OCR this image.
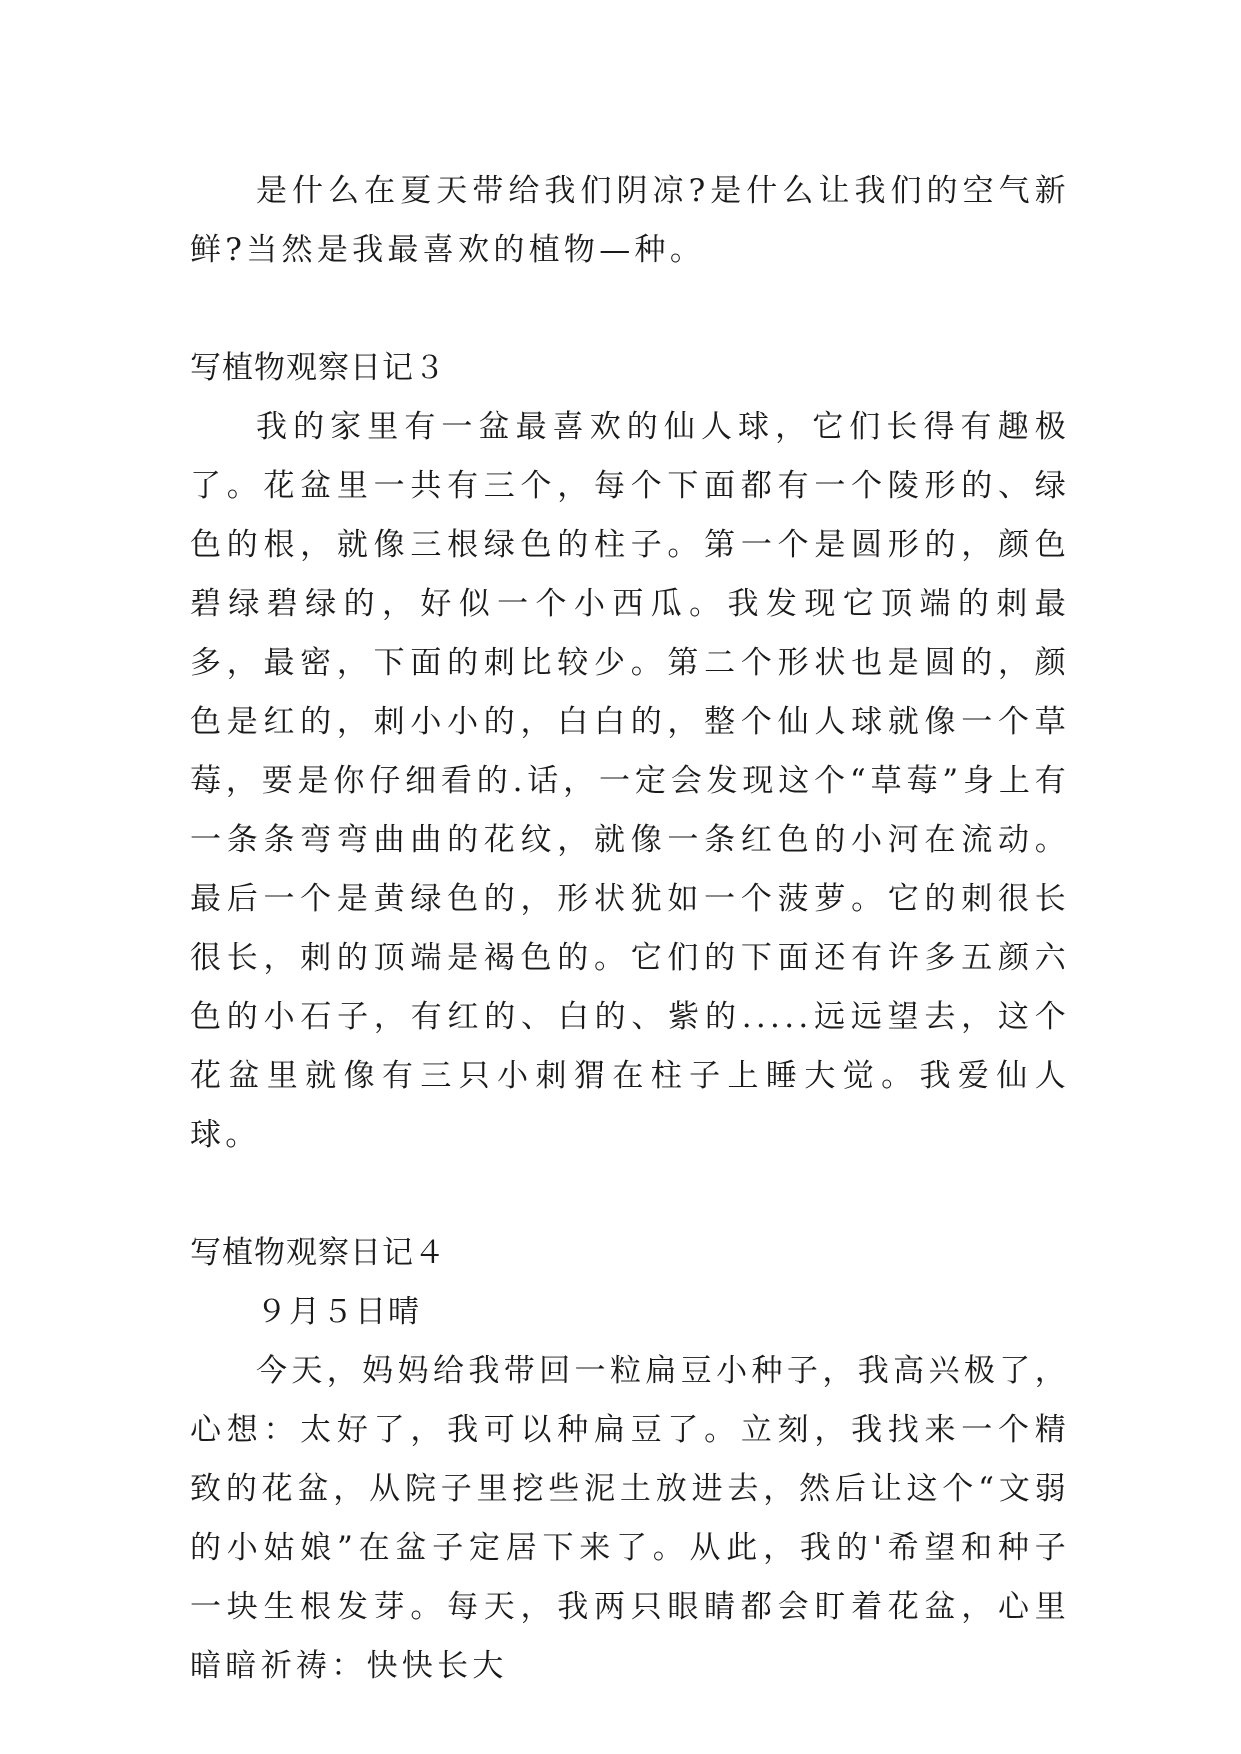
是什么在夏天带给我们阴凉?是什么让我们的空气新鲜?当然是我最喜欢的植物—种。

写植物观察日记３

我的家里有一盆最喜欢的仙人球，它们长得有趣极了。花盆里一共有三个，每个下面都有一个陵形的、绿色的根，就像三根绿色的柱子。第一个是圆形的，颜色碧绿碧绿的，好似一个小西瓜。我发现它顶端的刺最多，最密，下面的刺比较少。第二个形状也是圆的，颜色是红的，刺小小的，白白的，整个仙人球就像一个草莓，要是你仔细看的.话，一定会发现这个“草莓”身上有一条条弯弯曲曲的花纹，就像一条红色的小河在流动。最后一个是黄绿色的，形状犹如一个菠萝。它的刺很长很长，刺的顶端是褐色的。它们的下面还有许多五颜六色的小石子，有红的、白的、紫的.....远远望去，这个花盆里就像有三只小刺猬在柱子上睡大觉。我爱仙人球。

写植物观察日记４

９月５日晴

今天，妈妈给我带回一粒扁豆小种子，我高兴极了，心想：太好了，我可以种扁豆了。立刻，我找来一个精致的花盆，从院子里挖些泥土放进去，然后让这个“文弱的小姑娘”在盆子定居下来了。从此，我的'希望和种子一块生根发芽。每天，我两只眼睛都会盯着花盆，心里暗暗祈祷：快快长大
